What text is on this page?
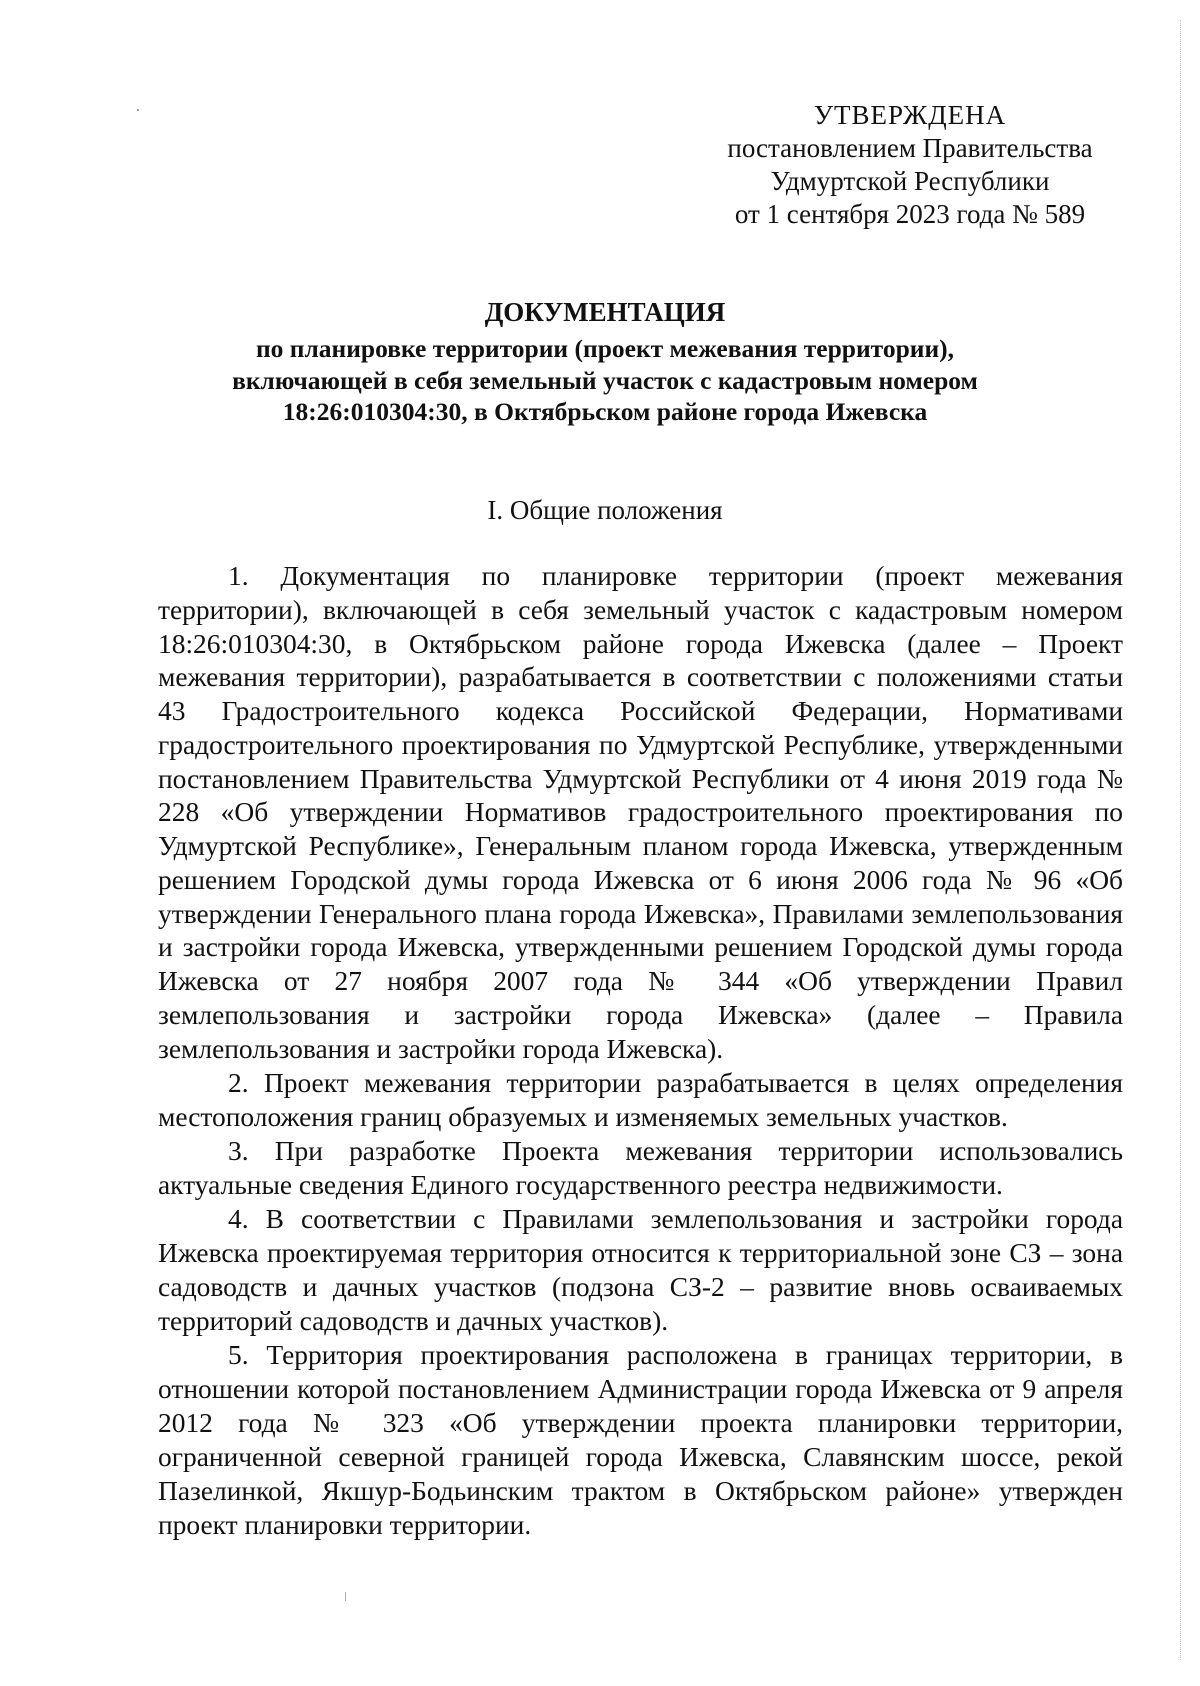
УТВЕРЖДЕНА
постановлением Правительства
Удмуртской Республики
от 1 сентября 2023 года № 589
ДОКУМЕНТАЦИЯ
по планировке территории (проект межевания территории), включающей в себя земельный участок с кадастровым номером 18:26:010304:30, в Октябрьском районе города Ижевска
I. Общие положения

1. Документация по планировке территории (проект межевания территории), включающей в себя земельный участок с кадастровым номером 18:26:010304:30, в Октябрьском районе города Ижевска (далее – Проект межевания территории), разрабатывается в соответствии с положениями статьи 43 Градостроительного кодекса Российской Федерации, Нормативами градостроительного проектирования по Удмуртской Республике, утвержденными постановлением Правительства Удмуртской Республики от 4 июня 2019 года № 228 «Об утверждении Нормативов градостроительного проектирования по Удмуртской Республике», Генеральным планом города Ижевска, утвержденным решением Городской думы города Ижевска от 6 июня 2006 года № 96 «Об утверждении Генерального плана города Ижевска», Правилами землепользования и застройки города Ижевска, утвержденными решением Городской думы города Ижевска от 27 ноября 2007 года № 344 «Об утверждении Правил землепользования и застройки города Ижевска» (далее – Правила землепользования и застройки города Ижевска).

2. Проект межевания территории разрабатывается в целях определения местоположения границ образуемых и изменяемых земельных участков.

3. При разработке Проекта межевания территории использовались актуальные сведения Единого государственного реестра недвижимости.

4. В соответствии с Правилами землепользования и застройки города Ижевска проектируемая территория относится к территориальной зоне СЗ – зона садоводств и дачных участков (подзона СЗ-2 – развитие вновь осваиваемых территорий садоводств и дачных участков).

5. Территория проектирования расположена в границах территории, в отношении которой постановлением Администрации города Ижевска от 9 апреля 2012 года № 323 «Об утверждении проекта планировки территории, ограниченной северной границей города Ижевска, Славянским шоссе, рекой Пазелинкой, Якшур-Бодьинским трактом в Октябрьском районе» утвержден проект планировки территории.
